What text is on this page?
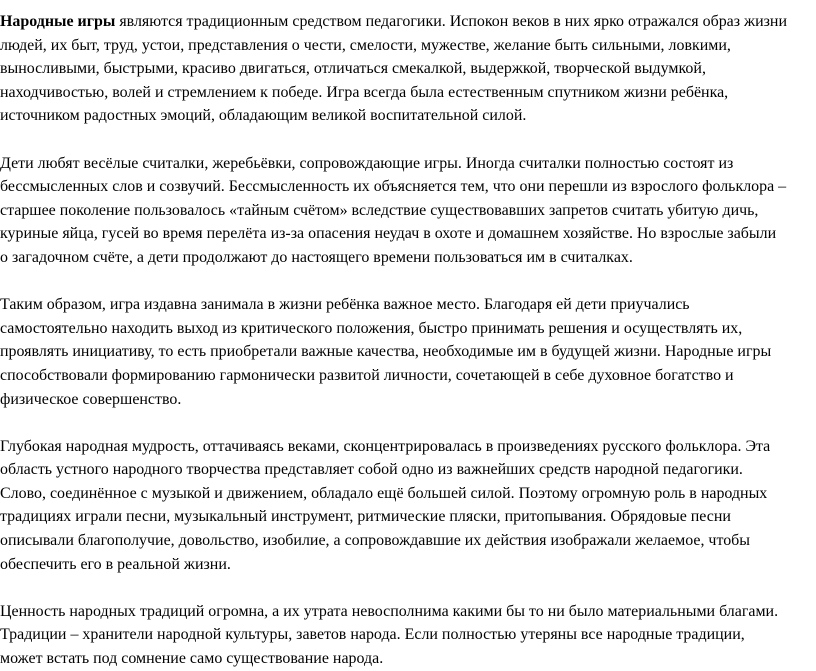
Народные игры являются традиционным средством педагогики. Испокон веков в них ярко отражался образ жизни
людей, их быт, труд, устои, представления о чести, смелости, мужестве, желание быть сильными, ловкими,
выносливыми, быстрыми, красиво двигаться, отличаться смекалкой, выдержкой, творческой выдумкой,
находчивостью, волей и стремлением к победе. Игра всегда была естественным спутником жизни ребёнка,
источником радостных эмоций, обладающим великой воспитательной силой.

Дети любят весёлые считалки, жеребьёвки, сопровождающие игры. Иногда считалки полностью состоят из
бессмысленных слов и созвучий. Бессмысленность их объясняется тем, что они перешли из взрослого фольклора –
старшее поколение пользовалось «тайным счётом» вследствие существовавших запретов считать убитую дичь,
куриные яйца, гусей во время перелёта из-за опасения неудач в охоте и домашнем хозяйстве. Но взрослые забыли
о загадочном счёте, а дети продолжают до настоящего времени пользоваться им в считалках.

Таким образом, игра издавна занимала в жизни ребёнка важное место. Благодаря ей дети приучались
самостоятельно находить выход из критического положения, быстро принимать решения и осуществлять их,
проявлять инициативу, то есть приобретали важные качества, необходимые им в будущей жизни. Народные игры
способствовали формированию гармонически развитой личности, сочетающей в себе духовное богатство и
физическое совершенство.

Глубокая народная мудрость, оттачиваясь веками, сконцентрировалась в произведениях русского фольклора. Эта
область устного народного творчества представляет собой одно из важнейших средств народной педагогики.
Слово, соединённое с музыкой и движением, обладало ещё большей силой. Поэтому огромную роль в народных
традициях играли песни, музыкальный инструмент, ритмические пляски, притопывания. Обрядовые песни
описывали благополучие, довольство, изобилие, а сопровождавшие их действия изображали желаемое, чтобы
обеспечить его в реальной жизни.

Ценность народных традиций огромна, а их утрата невосполнима какими бы то ни было материальными благами.
Традиции – хранители народной культуры, заветов народа. Если полностью утеряны все народные традиции,
может встать под сомнение само существование народа.
